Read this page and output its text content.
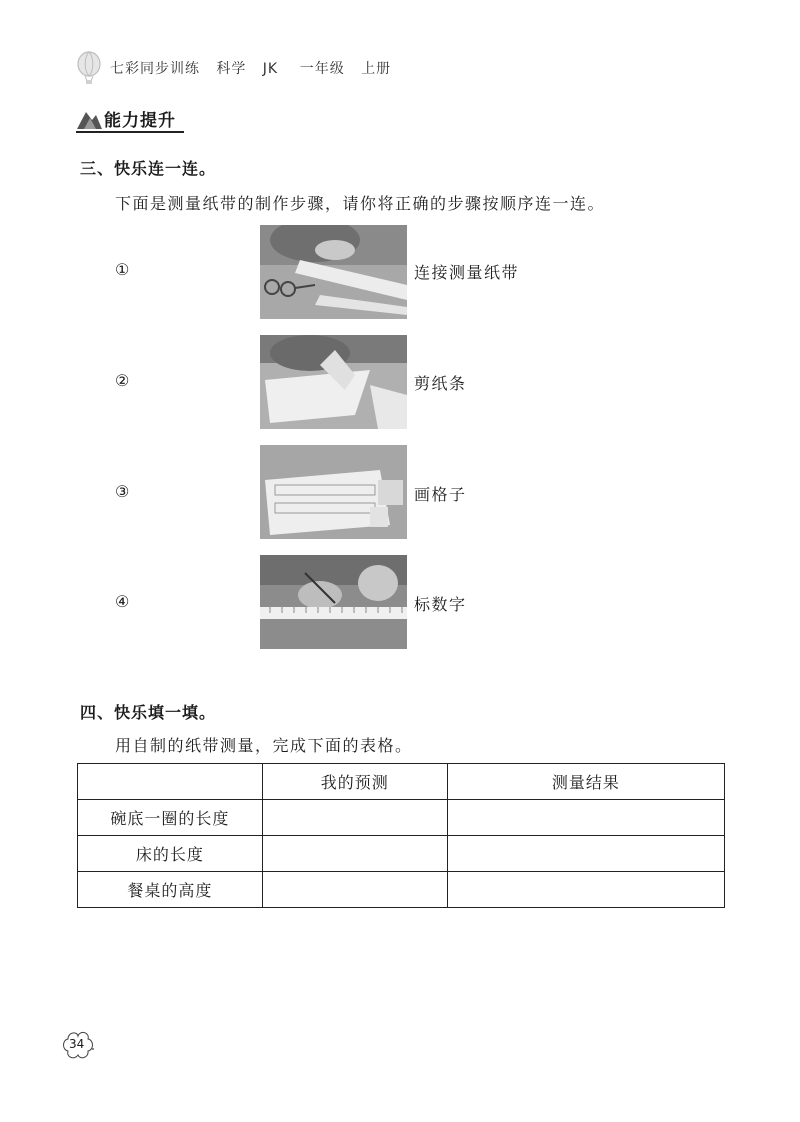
七彩同步训练   科学   JK    一年级   上册
能力提升
三、快乐连一连。
下面是测量纸带的制作步骤，请你将正确的步骤按顺序连一连。
①	连接测量纸带
②	剪纸条
③	画格子
④	标数字
四、快乐填一填。
用自制的纸带测量，完成下面的表格。
	我的预测	测量结果
碗底一圈的长度		
床的长度		
餐桌的高度		
34
